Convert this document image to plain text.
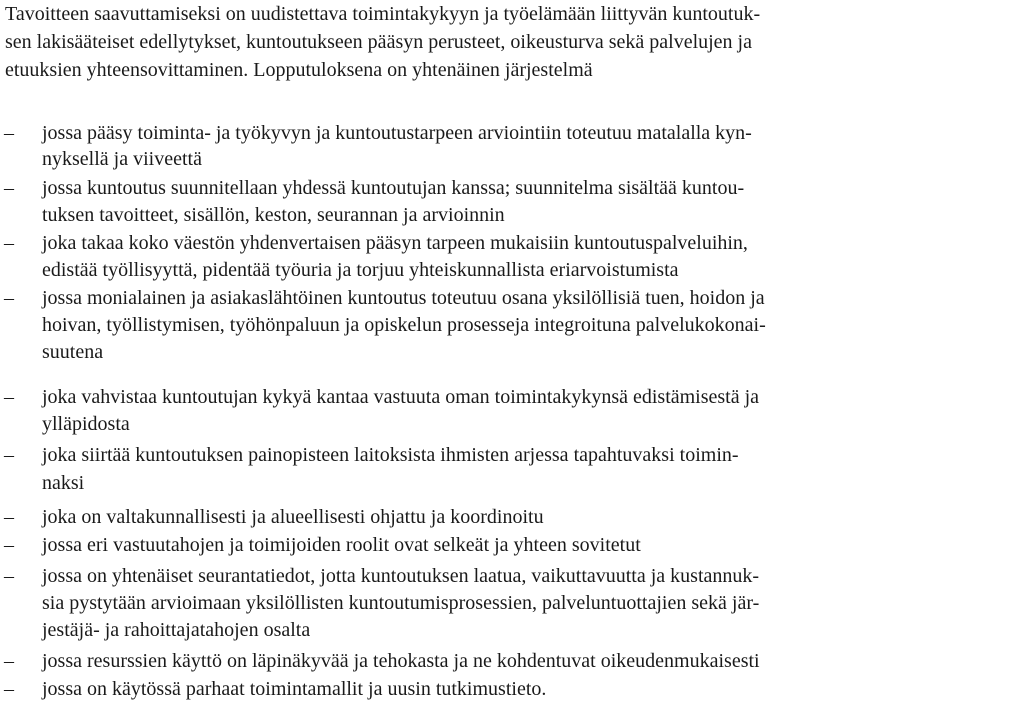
Tavoitteen saavuttamiseksi on uudistettava toimintakykyyn ja työelämään liittyvän kuntoutuk-
sen lakisääteiset edellytykset, kuntoutukseen pääsyn perusteet, oikeusturva sekä palvelujen ja
etuuksien yhteensovittaminen. Lopputuloksena on yhtenäinen järjestelmä
–	jossa pääsy toiminta- ja työkyvyn ja kuntoutustarpeen arviointiin toteutuu matalalla kyn-
nyksellä ja viiveettä
–	jossa kuntoutus suunnitellaan yhdessä kuntoutujan kanssa; suunnitelma sisältää kuntou-
tuksen tavoitteet, sisällön, keston, seurannan ja arvioinnin
–	joka takaa koko väestön yhdenvertaisen pääsyn tarpeen mukaisiin kuntoutuspalveluihin,
edistää työllisyyttä, pidentää työuria ja torjuu yhteiskunnallista eriarvoistumista
–	jossa monialainen ja asiakaslähtöinen kuntoutus toteutuu osana yksilöllisiä tuen, hoidon ja
hoivan, työllistymisen, työhönpaluun ja opiskelun prosesseja integroituna palvelukokonai-
suutena
–	joka vahvistaa kuntoutujan kykyä kantaa vastuuta oman toimintakykynsä edistämisestä ja
ylläpidosta
–	joka siirtää kuntoutuksen painopisteen laitoksista ihmisten arjessa tapahtuvaksi toimin-
naksi
–	joka on valtakunnallisesti ja alueellisesti ohjattu ja koordinoitu
–	jossa eri vastuutahojen ja toimijoiden roolit ovat selkeät ja yhteen sovitetut
–	jossa on yhtenäiset seurantatiedot, jotta kuntoutuksen laatua, vaikuttavuutta ja kustannuk-
sia pystytään arvioimaan yksilöllisten kuntoutumisprosessien, palveluntuottajien sekä jär-
jestäjä- ja rahoittajatahojen osalta
–	jossa resurssien käyttö on läpinäkyvää ja tehokasta ja ne kohdentuvat oikeudenmukaisesti
–	jossa on käytössä parhaat toimintamallit ja uusin tutkimustieto.
